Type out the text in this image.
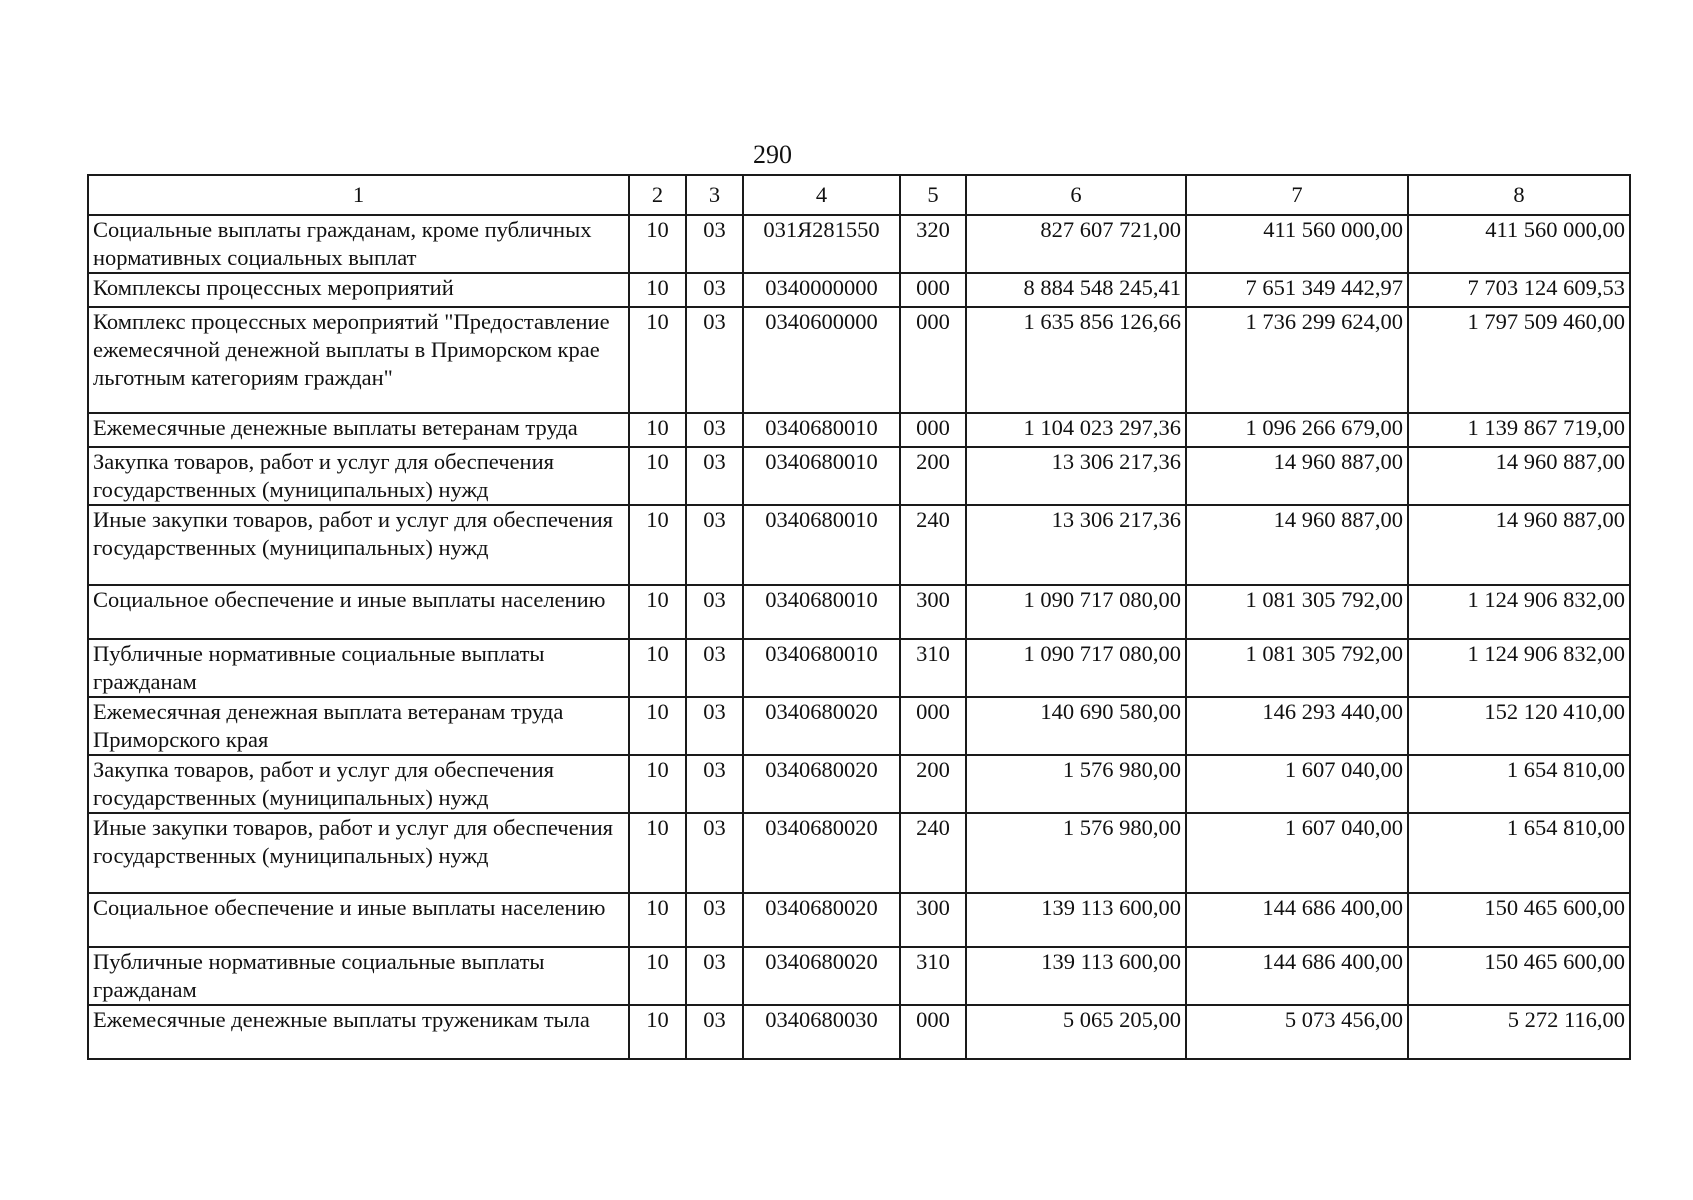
290
1	2	3	4	5	6	7	8
Социальные выплаты гражданам, кроме публичных нормативных социальных выплат	10	03	031Я281550	320	827 607 721,00	411 560 000,00	411 560 000,00
Комплексы процессных мероприятий	10	03	0340000000	000	8 884 548 245,41	7 651 349 442,97	7 703 124 609,53
Комплекс процессных мероприятий "Предоставление ежемесячной денежной выплаты в Приморском крае льготным категориям граждан"	10	03	0340600000	000	1 635 856 126,66	1 736 299 624,00	1 797 509 460,00
Ежемесячные денежные выплаты ветеранам труда	10	03	0340680010	000	1 104 023 297,36	1 096 266 679,00	1 139 867 719,00
Закупка товаров, работ и услуг для обеспечения государственных (муниципальных) нужд	10	03	0340680010	200	13 306 217,36	14 960 887,00	14 960 887,00
Иные закупки товаров, работ и услуг для обеспечения государственных (муниципальных) нужд	10	03	0340680010	240	13 306 217,36	14 960 887,00	14 960 887,00
Социальное обеспечение и иные выплаты населению	10	03	0340680010	300	1 090 717 080,00	1 081 305 792,00	1 124 906 832,00
Публичные нормативные социальные выплаты гражданам	10	03	0340680010	310	1 090 717 080,00	1 081 305 792,00	1 124 906 832,00
Ежемесячная денежная выплата ветеранам труда Приморского края	10	03	0340680020	000	140 690 580,00	146 293 440,00	152 120 410,00
Закупка товаров, работ и услуг для обеспечения государственных (муниципальных) нужд	10	03	0340680020	200	1 576 980,00	1 607 040,00	1 654 810,00
Иные закупки товаров, работ и услуг для обеспечения государственных (муниципальных) нужд	10	03	0340680020	240	1 576 980,00	1 607 040,00	1 654 810,00
Социальное обеспечение и иные выплаты населению	10	03	0340680020	300	139 113 600,00	144 686 400,00	150 465 600,00
Публичные нормативные социальные выплаты гражданам	10	03	0340680020	310	139 113 600,00	144 686 400,00	150 465 600,00
Ежемесячные денежные выплаты труженикам тыла	10	03	0340680030	000	5 065 205,00	5 073 456,00	5 272 116,00
